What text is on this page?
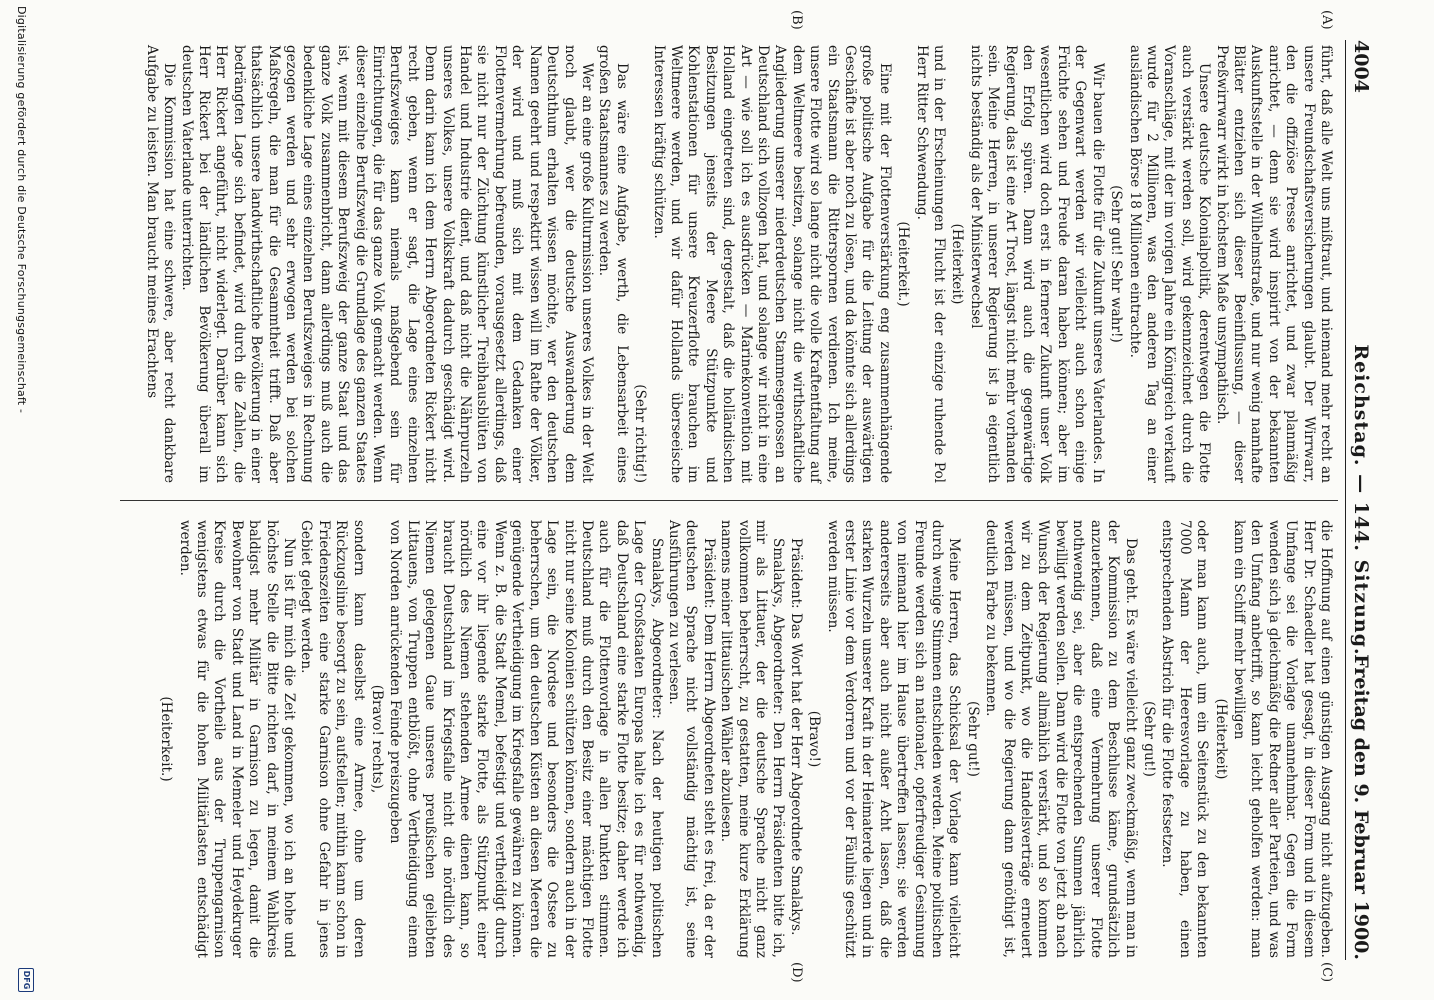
4004
Reichstag. — 144. Sitzung.
Freitag den 9. Februar 1900.
(A)
(B)
(C)
(D)

führt, daß alle Welt uns mißtraut, und niemand mehr recht an unsere Freundschaftsversicherungen glaubt. Der Wirrwarr, den die offiziöse Presse anrichtet, und zwar planmäßig anrichtet, — denn sie wird inspirirt von der bekannten Auskunftsstelle in der Wilhelmstraße, und nur wenig namhafte Blätter entziehen sich dieser Beeinflussung, — dieser Preßwirrwarr wirkt in höchstem Maße unsympathisch.

Unsere deutsche Kolonialpolitik, derentwegen die Flotte auch verstärkt werden soll, wird gekennzeichnet durch die Voranschläge, mit der im vorigen Jahre ein Königreich verkauft wurde für 2 Millionen, was den anderen Tag an einer ausländischen Börse 18 Millionen eintrachte.

(Sehr gut! Sehr wahr!)

Wir bauen die Flotte für die Zukunft unseres Vaterlandes. In der Gegenwart werden wir vielleicht auch schon einige Früchte sehen und Freude daran haben können; aber im wesentlichen wird doch erst in fernerer Zukunft unser Volk den Erfolg spüren. Dann wird auch die gegenwärtige Regierung, das ist eine Art Trost, längst nicht mehr vorhanden sein. Meine Herren, in unserer Regierung ist ja eigentlich nichts beständig als der Ministerwechsel

(Heiterkeit)

und in der Erscheinungen Flucht ist der einzige ruhende Pol Herr Ritter Schwendung.

(Heiterkeit.)

Eine mit der Flottenverstärkung eng zusammenhängende große politische Aufgabe für die Leitung der auswärtigen Geschäfte ist aber noch zu lösen, und da könnte sich allerdings ein Staatsmann die Ritterspornen verdienen. Ich meine, unsere Flotte wird so lange nicht die volle Kraftentfaltung auf dem Weltmeere besitzen, solange nicht die wirthschaftliche Angliederung unserer niederdeutschen Stammesgenossen an Deutschland sich vollzogen hat, und solange wir nicht in eine Art — wie soll ich es ausdrücken — Marinekonvention mit Holland eingetreten sind, dergestalt, daß die holländischen Besitzungen jenseits der Meere Stützpunkte und Kohlenstationen für unsere Kreuzerflotte brauchen im Weltmeere werden, und wir dafür Hollands überseeische Interessen kräftig schützen.

(Sehr richtig!)

Das wäre eine Aufgabe, werth, die Lebensarbeit eines großen Staatsmannes zu werden.

Wer an eine große Kulturmission unseres Volkes in der Welt noch glaubt, wer die deutsche Auswanderung dem Deutschthum erhalten wissen möchte, wer den deutschen Namen geehrt und respektirt wissen will im Rathe der Völker, der wird und muß sich mit dem Gedanken einer Flottenvermehrung befreunden, vorausgesetzt allerdings, daß sie nicht nur der Züchtung künstlicher Treibhausblüten von Handel und Industrie dient, und daß nicht die Nährpurzeln unseres Volkes, unsere Volkskraft dadurch geschädigt wird. Denn darin kann ich dem Herrn Abgeordneten Rickert nicht recht geben, wenn er sagt, die Lage eines einzelnen Berufszweiges kann niemals maßgebend sein für Einrichtungen, die für das ganze Volk gemacht werden. Wenn dieser einzelne Berufszweig die Grundlage des ganzen Staates ist, wenn mit diesem Berufszweig der ganze Staat und das ganze Volk zusammenbricht, dann allerdings muß auch die bedenkliche Lage eines einzelnen Berufszweiges in Rechnung gezogen werden und sehr erwogen werden bei solchen Maßregeln, die man für die Gesammtheit trifft. Daß aber thatsächlich unsere landwirthschaftliche Bevölkerung in einer bedrängten Lage sich befindet, wird durch die Zahlen, die Herr Rickert angeführt, nicht widerlegt. Darüber kann sich Herr Rickert bei der ländlichen Bevölkerung überall im deutschen Vaterlande unterrichten.

Die Kommission hat eine schwere, aber recht dankbare Aufgabe zu leisten. Man braucht meines Erachtens

die Hoffnung auf einen günstigen Ausgang nicht aufzugeben. Herr Dr. Schaedler hat gesagt, in dieser Form und in diesem Umfange sei die Vorlage unannehmbar. Gegen die Form wenden sich ja gleichmäßig die Redner aller Parteien, und was den Umfang anbetrifft, so kann leicht geholfen werden: man kann ein Schiff mehr bewilligen

(Heiterkeit)

oder man kann auch, um ein Seitenstück zu den bekannten 7000 Mann der Heeresvorlage zu haben, einen entsprechenden Abstrich für die Flotte festsetzen.

(Sehr gut!)

Das geht. Es wäre vielleicht ganz zweckmäßig, wenn man in der Kommission zu dem Beschlusse käme, grundsätzlich anzuerkennen, daß eine Vermehrung unserer Flotte nothwendig sei, aber die entsprechenden Summen jährlich bewilligt werden sollen. Dann wird die Flotte von jetzt ab nach Wunsch der Regierung allmählich verstärkt, und so kommen wir zu dem Zeitpunkt, wo die Handelsverträge erneuert werden müssen, und wo die Regierung dann genöthigt ist, deutlich Farbe zu bekennen.

(Sehr gut!)

Meine Herren, das Schicksal der Vorlage kann vielleicht durch wenige Stimmen entschieden werden. Meine politischen Freunde werden sich an nationaler, opferfreudiger Gesinnung von niemand hier im Hause übertreffen lassen; sie werden andererseits aber auch nicht außer Acht lassen, daß die starken Wurzeln unserer Kraft in der Heimaterde liegen und in erster Linie vor dem Verdorren und vor der Fäulnis geschützt werden müssen.

(Bravo!)

Präsident: Das Wort hat der Herr Abgeordnete Smalakys.

Smalakys, Abgeordneter: Den Herrn Präsidenten bitte ich, mir als Littauer, der die deutsche Sprache nicht ganz vollkommen beherrscht, zu gestatten, meine kurze Erklärung namens meiner littauischen Wähler abzulesen.

Präsident: Dem Herrn Abgeordneten steht es frei, da er der deutschen Sprache nicht vollständig mächtig ist, seine Ausführungen zu verlesen.

Smalakys, Abgeordneter: Nach der heutigen politischen Lage der Großstaaten Europas halte ich es für nothwendig, daß Deutschland eine starke Flotte besitze; daher werde ich auch für die Flottenvorlage in allen Punkten stimmen. Deutschland muß durch den Besitz einer mächtigen Flotte nicht nur seine Kolonien schützen können, sondern auch in der Lage sein, die Nordsee und besonders die Ostsee zu beherrschen, um den deutschen Küsten an diesen Meeren die genügende Vertheidigung im Kriegsfalle gewähren zu können. Wenn z. B. die Stadt Memel, befestigt und vertheidigt durch eine vor ihr liegende starke Flotte, als Stützpunkt einer nördlich des Niemen stehenden Armee dienen kann, so braucht Deutschland im Kriegsfalle nicht die nördlich des Niemen gelegenen Gaue unseres preußischen geliebten Littauens, von Truppen entblößt, ohne Vertheidigung einem von Norden anrückenden Feinde preiszugeben

(Bravo! rechts),

sondern kann daselbst eine Armee, ohne um deren Rückzugslinie besorgt zu sein, aufstellen; mithin kann schon in Friedenszeiten eine starke Garnison ohne Gefahr in jenes Gebiet gelegt werden.

Nun ist für mich die Zeit gekommen, wo ich an hohe und höchste Stelle die Bitte richten darf, in meinem Wahlkreis baldigst mehr Militär in Garnison zu legen, damit die Bewohner von Stadt und Land in Memeler und Heydekruger Kreise durch die Vortheile aus der Truppengarnison wenigstens etwas für die hohen Militärlasten entschädigt werden.

(Heiterkeit.)

Digitalisierung gefördert durch die Deutsche Forschungsgemeinschaft -
DFG
